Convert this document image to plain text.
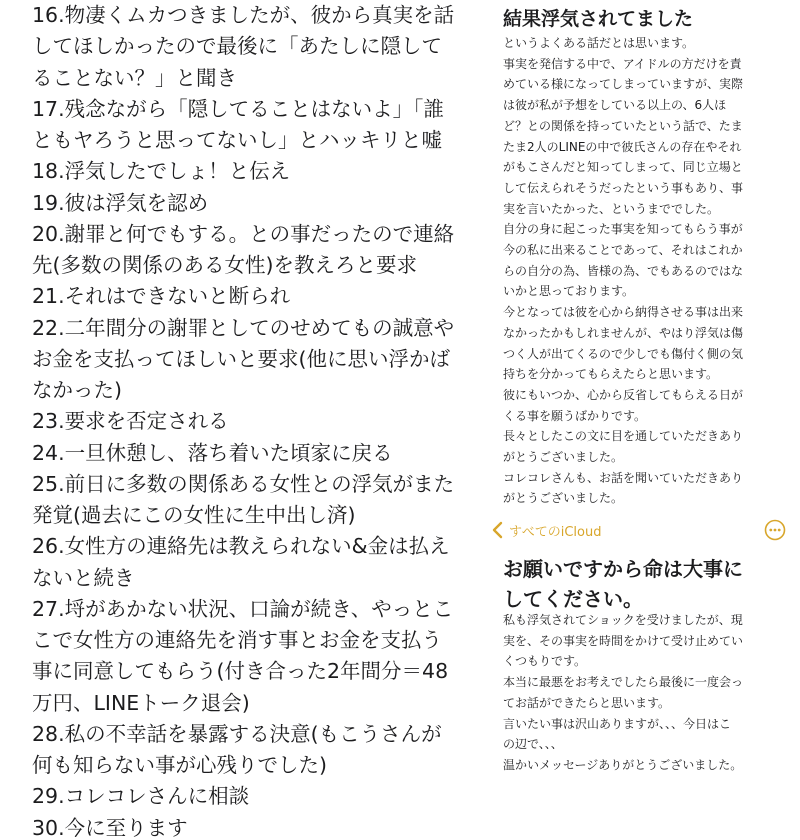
16.物凄くムカつきましたが、彼から真実を話
してほしかったので最後に「あたしに隠して
ることない？」と聞き
17.残念ながら「隠してることはないよ」「誰
ともヤろうと思ってないし」とハッキリと嘘
18.浮気したでしょ！と伝え
19.彼は浮気を認め
20.謝罪と何でもする。との事だったので連絡
先(多数の関係のある女性)を教えろと要求
21.それはできないと断られ
22.二年間分の謝罪としてのせめてもの誠意や
お金を支払ってほしいと要求(他に思い浮かば
なかった)
23.要求を否定される
24.一旦休憩し、落ち着いた頃家に戻る
25.前日に多数の関係ある女性との浮気がまた
発覚(過去にこの女性に生中出し済)
26.女性方の連絡先は教えられない&金は払え
ないと続き
27.埒があかない状況、口論が続き、やっとこ
こで女性方の連絡先を消す事とお金を支払う
事に同意してもらう(付き合った2年間分＝48
万円、LINEトーク退会)
28.私の不幸話を暴露する決意(もこうさんが
何も知らない事が心残りでした)
29.コレコレさんに相談
30.今に至ります
結果浮気されてました
というよくある話だとは思います。
事実を発信する中で、アイドルの方だけを責
めている様になってしまっていますが、実際
は彼が私が予想をしている以上の、6人ほ
ど？との関係を持っていたという話で、たま
たま2人のLINEの中で彼氏さんの存在やそれ
がもこさんだと知ってしまって、同じ立場と
して伝えられそうだったという事もあり、事
実を言いたかった、というまででした。
自分の身に起こった事実を知ってもらう事が
今の私に出来ることであって、それはこれか
らの自分の為、皆様の為、でもあるのではな
いかと思っております。
今となっては彼を心から納得させる事は出来
なかったかもしれませんが、やはり浮気は傷
つく人が出てくるので少しでも傷付く側の気
持ちを分かってもらえたらと思います。
彼にもいつか、心から反省してもらえる日が
くる事を願うばかりです。
長々としたこの文に目を通していただきあり
がとうございました。
コレコレさんも、お話を聞いていただきあり
がとうございました。
すべてのiCloud
お願いですから命は大事に
してください。
私も浮気されてショックを受けましたが、現
実を、その事実を時間をかけて受け止めてい
くつもりです。
本当に最悪をお考えでしたら最後に一度会っ
てお話ができたらと思います。
言いたい事は沢山ありますが、、、今日はこ
の辺で、、、
温かいメッセージありがとうございました。
